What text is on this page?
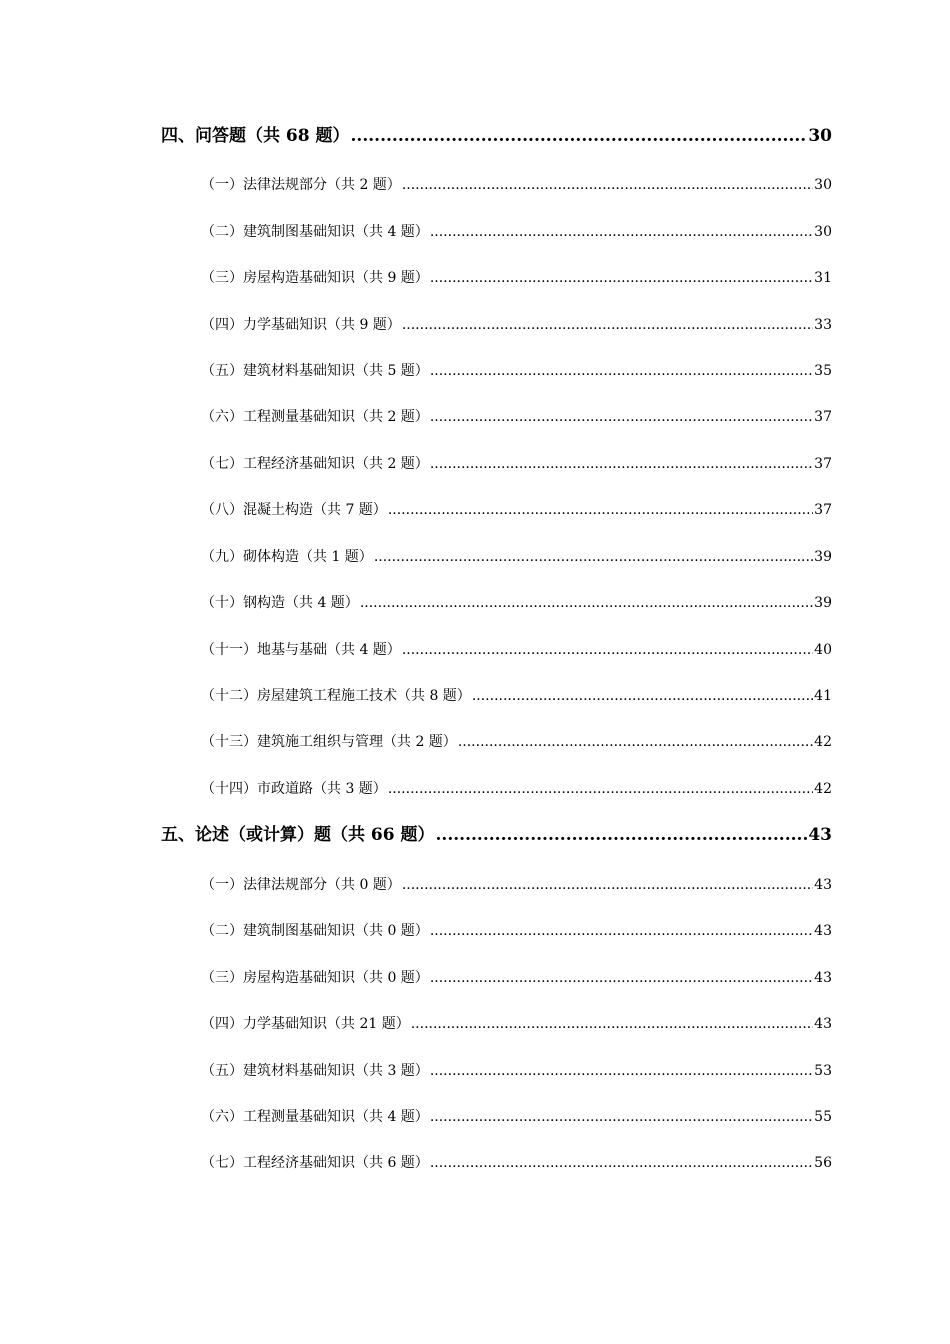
四、问答题（共 68 题） .....	30
（一）法律法规部分（共 2 题） .....	30
（二）建筑制图基础知识（共 4 题） .....	30
（三）房屋构造基础知识（共 9 题） .....	31
（四）力学基础知识（共 9 题） .....	33
（五）建筑材料基础知识（共 5 题） .....	35
（六）工程测量基础知识（共 2 题） .....	37
（七）工程经济基础知识（共 2 题） .....	37
（八）混凝土构造（共 7 题） .....	37
（九）砌体构造（共 1 题） .....	39
（十）钢构造（共 4 题） .....	39
（十一）地基与基础（共 4 题） .....	40
（十二）房屋建筑工程施工技术（共 8 题） .....	41
（十三）建筑施工组织与管理（共 2 题） .....	42
（十四）市政道路（共 3 题） .....	42
五、论述（或计算）题（共 66 题） .....	43
（一）法律法规部分（共 0 题） .....	43
（二）建筑制图基础知识（共 0 题） .....	43
（三）房屋构造基础知识（共 0 题） .....	43
（四）力学基础知识（共 21 题） .....	43
（五）建筑材料基础知识（共 3 题） .....	53
（六）工程测量基础知识（共 4 题） .....	55
（七）工程经济基础知识（共 6 题） .....	56
